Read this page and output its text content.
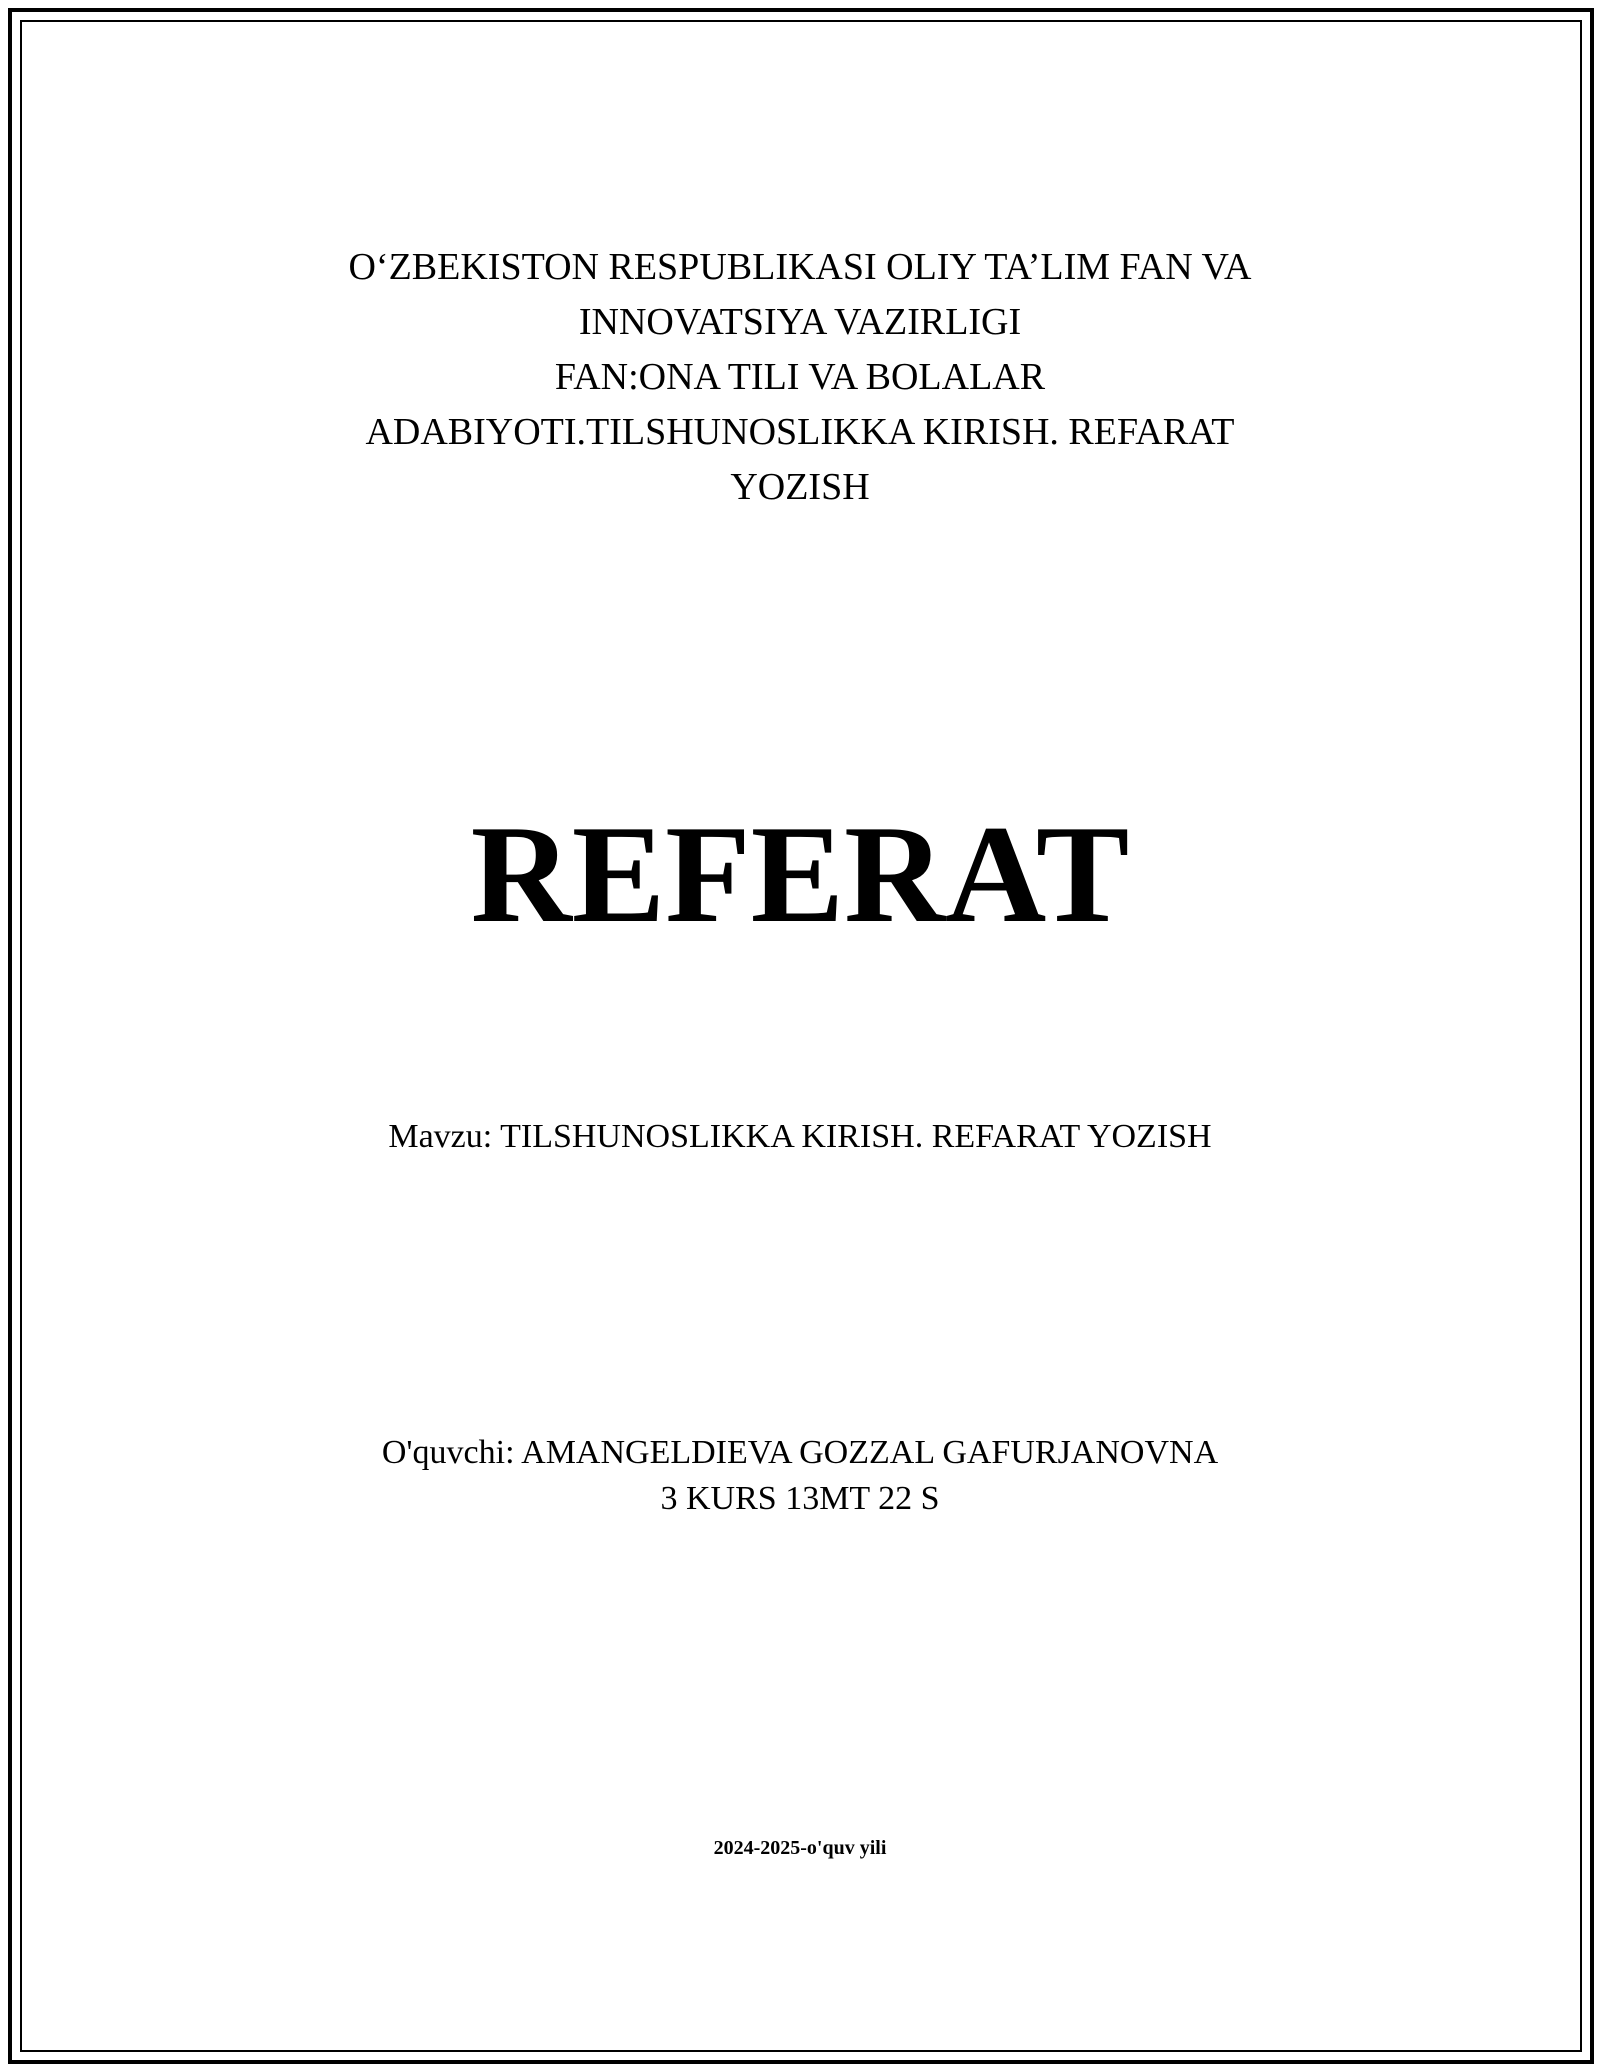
O‘ZBEKISTON RESPUBLIKASI OLIY TA’LIM FAN VA
INNOVATSIYA VAZIRLIGI
FAN:ONA TILI VA BOLALAR
ADABIYOTI.TILSHUNOSLIKKA KIRISH. REFARAT
YOZISH
REFERAT
Mavzu: TILSHUNOSLIKKA KIRISH. REFARAT YOZISH
O'quvchi: AMANGELDIEVA GOZZAL GAFURJANOVNA
3 KURS 13MT 22 S
2024-2025-o'quv yili
